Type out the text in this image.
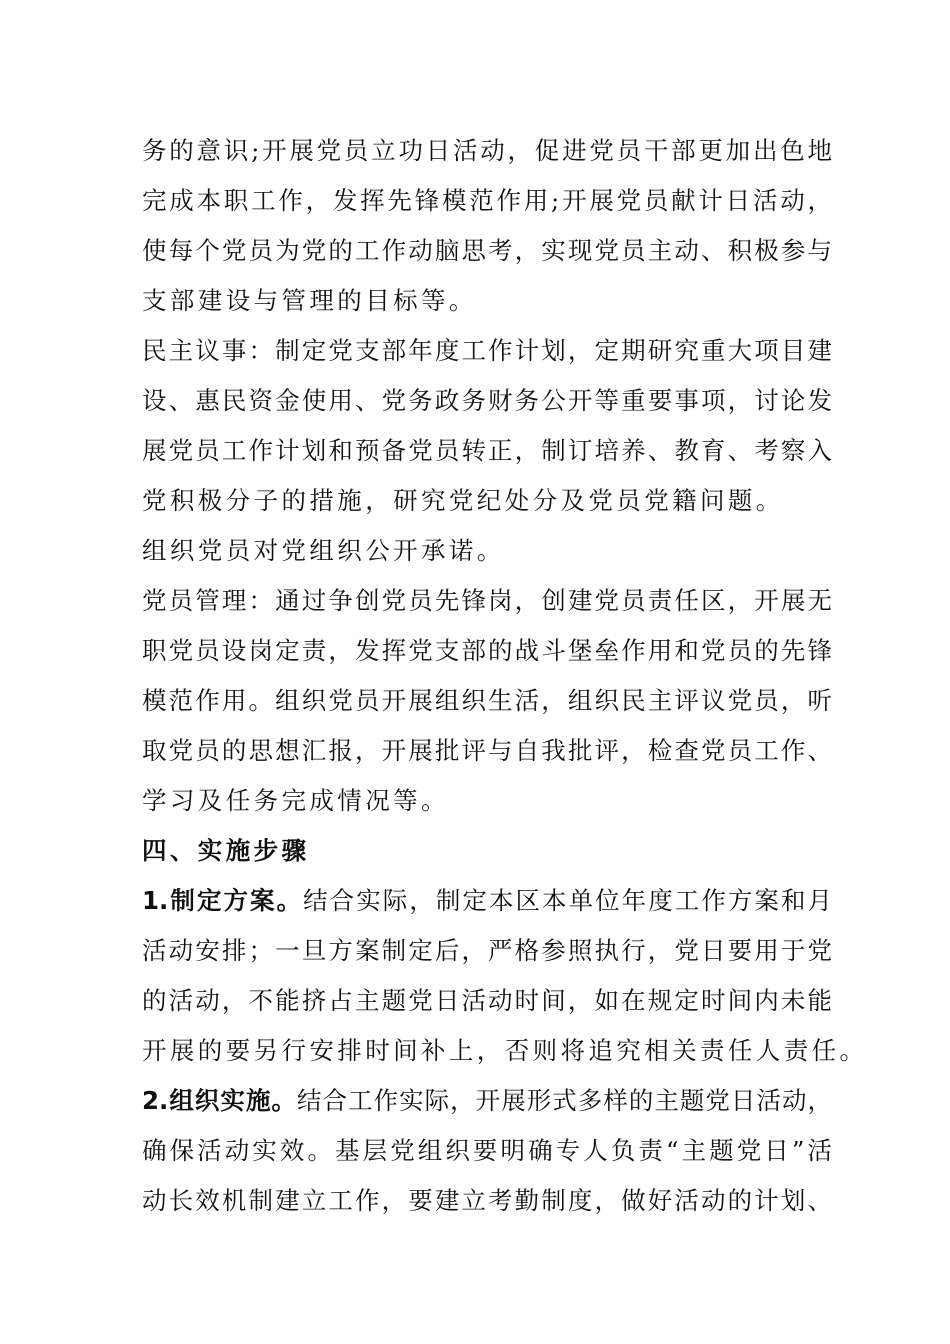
务的意识;开展党员立功日活动，促进党员干部更加出色地

完成本职工作，发挥先锋模范作用;开展党员献计日活动，

使每个党员为党的工作动脑思考，实现党员主动、积极参与

支部建设与管理的目标等。

民主议事：制定党支部年度工作计划，定期研究重大项目建

设、惠民资金使用、党务政务财务公开等重要事项，讨论发

展党员工作计划和预备党员转正，制订培养、教育、考察入

党积极分子的措施，研究党纪处分及党员党籍问题。

组织党员对党组织公开承诺。

党员管理：通过争创党员先锋岗，创建党员责任区，开展无

职党员设岗定责，发挥党支部的战斗堡垒作用和党员的先锋

模范作用。组织党员开展组织生活，组织民主评议党员，听

取党员的思想汇报，开展批评与自我批评，检查党员工作、

学习及任务完成情况等。

四、实施步骤

1.制定方案。结合实际，制定本区本单位年度工作方案和月

活动安排；一旦方案制定后，严格参照执行，党日要用于党

的活动，不能挤占主题党日活动时间，如在规定时间内未能

开展的要另行安排时间补上，否则将追究相关责任人责任。

2.组织实施。结合工作实际，开展形式多样的主题党日活动，

确保活动实效。基层党组织要明确专人负责“主题党日”活

动长效机制建立工作，要建立考勤制度，做好活动的计划、
